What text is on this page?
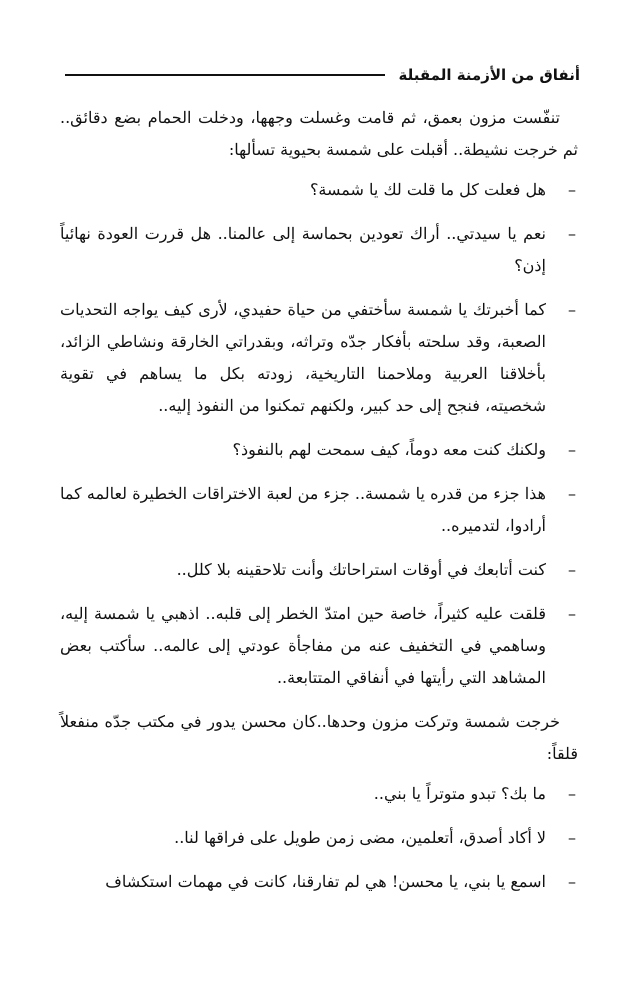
أنفاق من الأزمنة المقبلة

تنفّست مزون بعمق، ثم قامت وغسلت وجهها، ودخلت الحمام بضع دقائق.. ثم خرجت نشيطة.. أقبلت على شمسة بحيوية تسألها:

–
هل فعلت كل ما قلت لك يا شمسة؟

–
نعم يا سيدتي.. أراك تعودين بحماسة إلى عالمنا.. هل قررت العودة نهائياً إذن؟

–
كما أخبرتك يا شمسة سأختفي من حياة حفيدي، لأرى كيف يواجه التحديات الصعبة، وقد سلحته بأفكار جدّه وتراثه، وبقدراتي الخارقة ونشاطي الزائد، بأخلاقنا العربية وملاحمنا التاريخية، زودته بكل ما يساهم في تقوية شخصيته، فنجح إلى حد كبير، ولكنهم تمكنوا من النفوذ إليه..

–
ولكنك كنت معه دوماً، كيف سمحت لهم بالنفوذ؟

–
هذا جزء من قدره يا شمسة.. جزء من لعبة الاختراقات الخطيرة لعالمه كما أرادوا، لتدميره..

–
كنت أتابعك في أوقات استراحاتك وأنت تلاحقينه بلا كلل..

–
قلقت عليه كثيراً، خاصة حين امتدّ الخطر إلى قلبه.. اذهبي يا شمسة إليه، وساهمي في التخفيف عنه من مفاجأة عودتي إلى عالمه.. سأكتب بعض المشاهد التي رأيتها في أنفاقي المتتابعة..

خرجت شمسة وتركت مزون وحدها..كان محسن يدور في مكتب جدّه منفعلاً قلقاً:

–
ما بك؟ تبدو متوتراً يا بني..

–
لا أكاد أصدق، أتعلمين، مضى زمن طويل على فراقها لنا..

–
اسمع يا بني، يا محسن! هي لم تفارقنا، كانت في مهمات استكشاف
